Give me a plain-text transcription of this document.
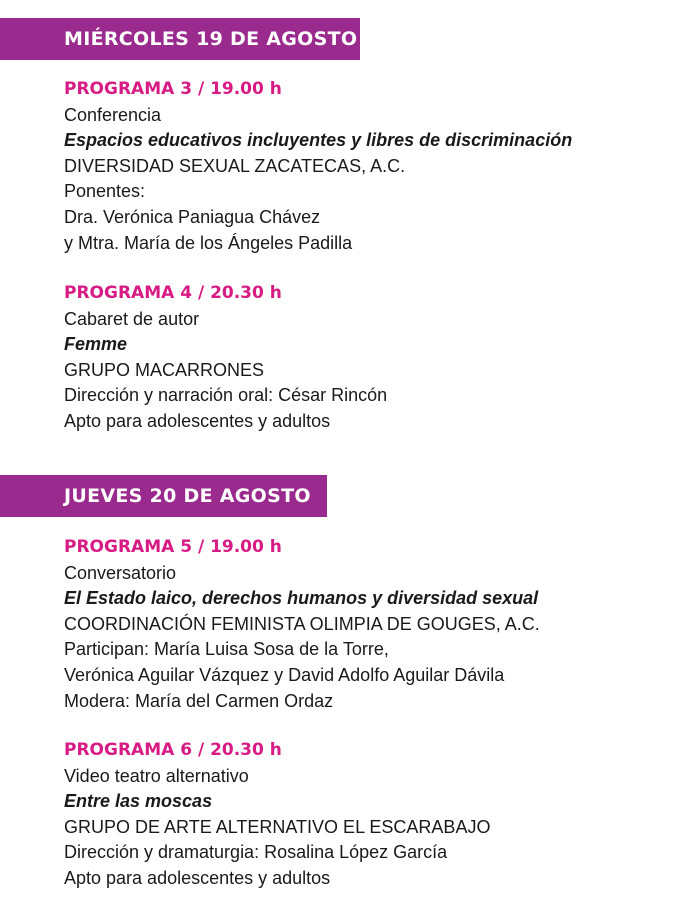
MIÉRCOLES 19 DE AGOSTO
PROGRAMA 3 / 19.00 h
Conferencia
Espacios educativos incluyentes y libres de discriminación
DIVERSIDAD SEXUAL ZACATECAS, A.C.
Ponentes:
Dra. Verónica Paniagua Chávez
y Mtra. María de los Ángeles Padilla
PROGRAMA 4 / 20.30 h
Cabaret de autor
Femme
GRUPO MACARRONES
Dirección y narración oral: César Rincón
Apto para adolescentes y adultos
JUEVES 20 DE AGOSTO
PROGRAMA 5 / 19.00 h
Conversatorio
El Estado laico, derechos humanos y diversidad sexual
COORDINACIÓN FEMINISTA OLIMPIA DE GOUGES, A.C.
Participan: María Luisa Sosa de la Torre,
Verónica Aguilar Vázquez y David Adolfo Aguilar Dávila
Modera: María del Carmen Ordaz
PROGRAMA 6 / 20.30 h
Video teatro alternativo
Entre las moscas
GRUPO DE ARTE ALTERNATIVO EL ESCARABAJO
Dirección y dramaturgia: Rosalina López García
Apto para adolescentes y adultos
